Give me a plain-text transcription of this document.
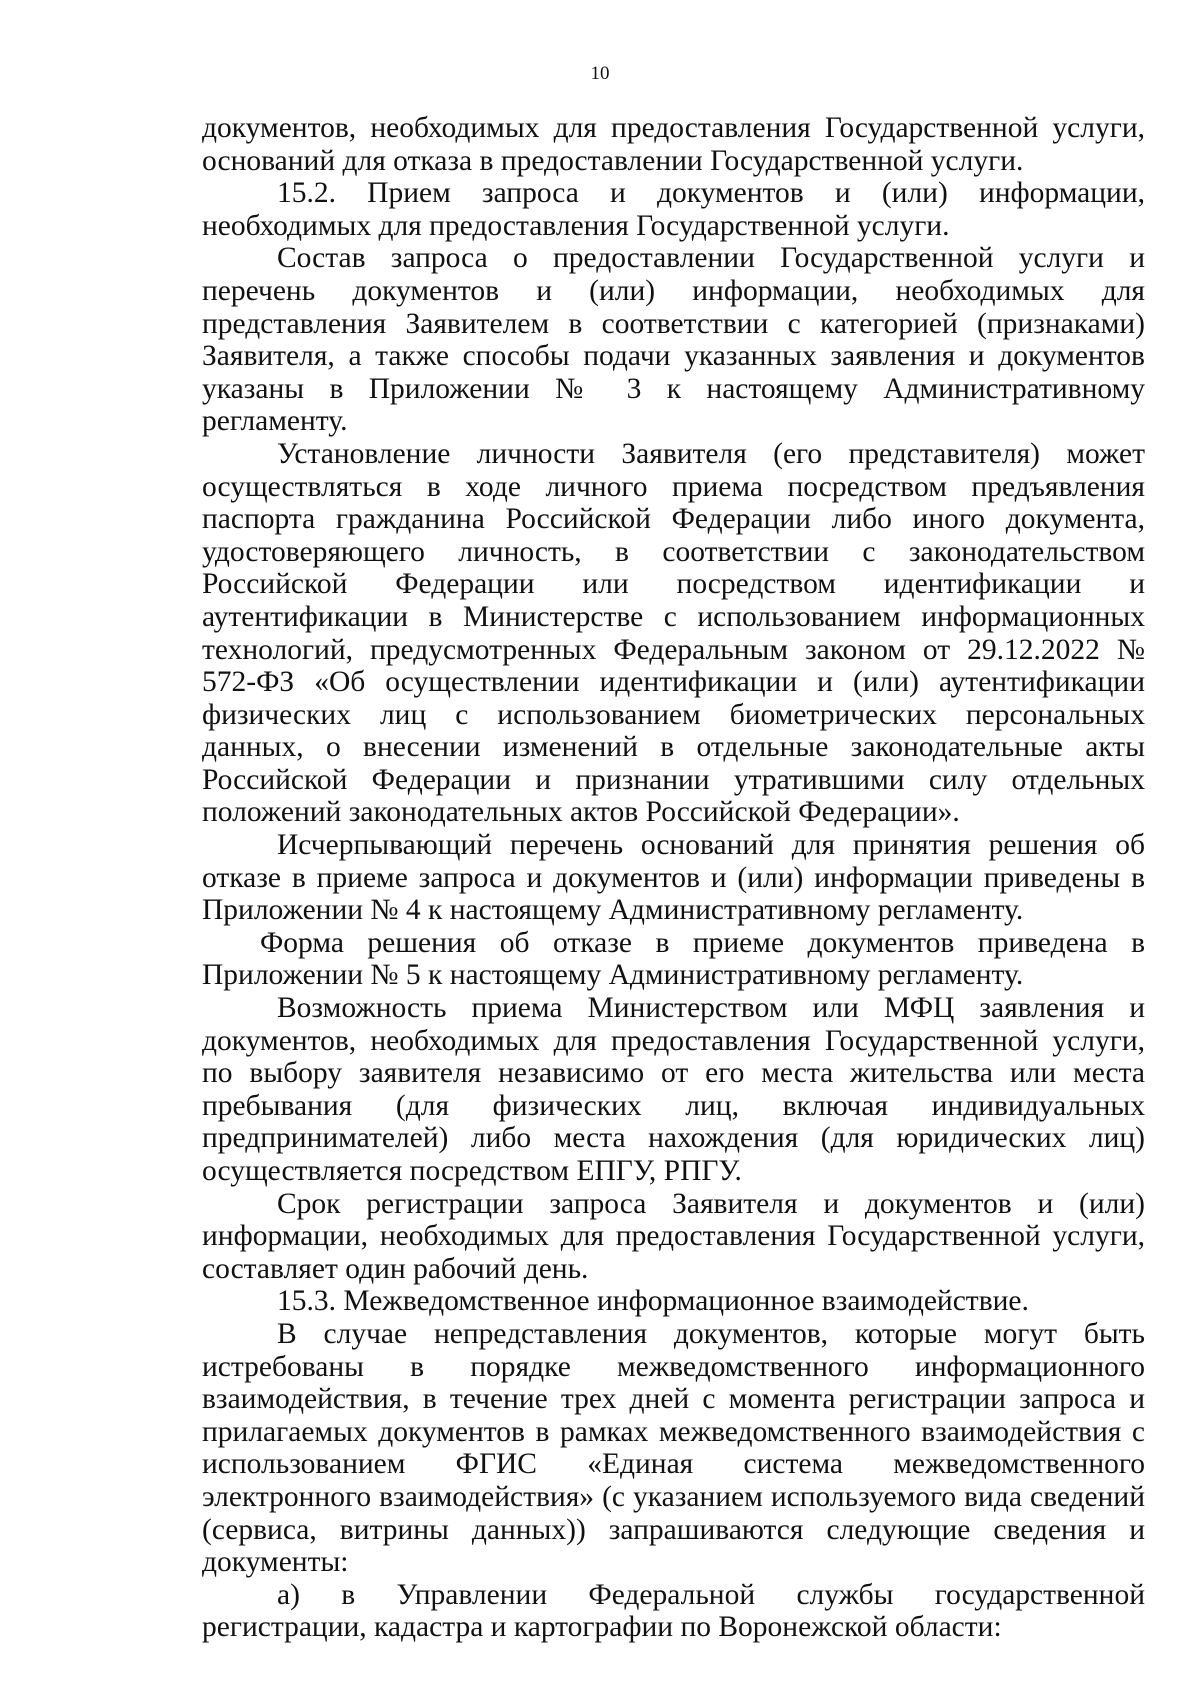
10

документов, необходимых для предоставления Государственной услуги, оснований для отказа в предоставлении Государственной услуги.

15.2. Прием запроса и документов и (или) информации, необходимых для предоставления Государственной услуги.

Состав запроса о предоставлении Государственной услуги и перечень документов и (или) информации, необходимых для представления Заявителем в соответствии с категорией (признаками) Заявителя, а также способы подачи указанных заявления и документов указаны в Приложении № 3 к настоящему Административному регламенту.

Установление личности Заявителя (его представителя) может осуществляться в ходе личного приема посредством предъявления паспорта гражданина Российской Федерации либо иного документа, удостоверяющего личность, в соответствии с законодательством Российской Федерации или посредством идентификации и аутентификации в Министерстве с использованием информационных технологий, предусмотренных Федеральным законом от 29.12.2022 № 572-ФЗ «Об осуществлении идентификации и (или) аутентификации физических лиц с использованием биометрических персональных данных, о внесении изменений в отдельные законодательные акты Российской Федерации и признании утратившими силу отдельных положений законодательных актов Российской Федерации».

Исчерпывающий перечень оснований для принятия решения об отказе в приеме запроса и документов и (или) информации приведены в Приложении № 4 к настоящему Административному регламенту.

Форма решения об отказе в приеме документов приведена в Приложении № 5 к настоящему Административному регламенту.

Возможность приема Министерством или МФЦ заявления и документов, необходимых для предоставления Государственной услуги, по выбору заявителя независимо от его места жительства или места пребывания (для физических лиц, включая индивидуальных предпринимателей) либо места нахождения (для юридических лиц) осуществляется посредством ЕПГУ, РПГУ.

Срок регистрации запроса Заявителя и документов и (или) информации, необходимых для предоставления Государственной услуги, составляет один рабочий день.

15.3. Межведомственное информационное взаимодействие.

В случае непредставления документов, которые могут быть истребованы в порядке межведомственного информационного взаимодействия, в течение трех дней с момента регистрации запроса и прилагаемых документов в рамках межведомственного взаимодействия с использованием ФГИС «Единая система межведомственного электронного взаимодействия» (с указанием используемого вида сведений (сервиса, витрины данных)) запрашиваются следующие сведения и документы:

а) в Управлении Федеральной службы государственной регистрации, кадастра и картографии по Воронежской области:
